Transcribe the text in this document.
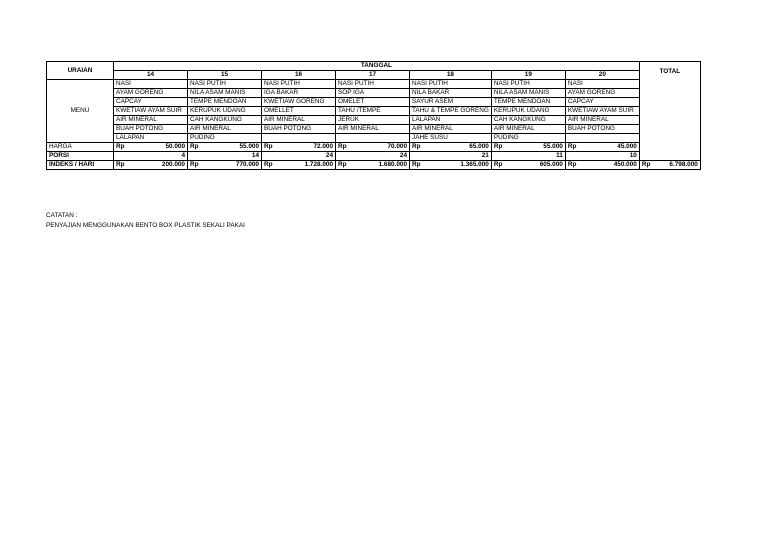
URAIAN	TANGGAL							TOTAL
	14	15	16	17	18	19	20	
MENU	NASI	NASI PUTIH	NASI PUTIH	NASI PUTIH	NASI PUTIH	NASI PUTIH	NASI	
	AYAM GORENG	NILA ASAM MANIS	IGA BAKAR	SOP IGA	NILA BAKAR	NILA ASAM MANIS	AYAM GORENG	
	CAPCAY	TEMPE MENDOAN	KWETIAW GORENG	OMELET	SAYUR ASEM	TEMPE MENDOAN	CAPCAY	
	KWETIAW AYAM SUIR	KERUPUK UDANG	OMELLET	TAHU /TEMPE	TAHU & TEMPE GORENG	KERUPUK UDANG	KWETIAW AYAM SUIR	
	AIR MINERAL	CAH KANGKUNG	AIR MINERAL	JERUK	LALAPAN	CAH KANGKUNG	AIR MINERAL	
	BUAH POTONG	AIR MINERAL	BUAH POTONG	AIR MINERAL	AIR MINERAL	AIR MINERAL	BUAH POTONG	
	LALAPAN	PUDING			JAHE SUSU	PUDING		
HARGA	Rp 50.000	Rp 55.000	Rp 72.000	Rp 70.000	Rp 65.000	Rp 55.000	Rp 45.000	

PORSI	4	14	24	24	21	11	10	
INDEKS / HARI	Rp 200.000	Rp 770.000	Rp 1.728.000	Rp 1.680.000	Rp 1.365.000	Rp 605.000	Rp 450.000	Rp 6.798.000
CATATAN :
PENYAJIAN MENGGUNAKAN BENTO BOX PLASTIK SEKALI PAKAI
